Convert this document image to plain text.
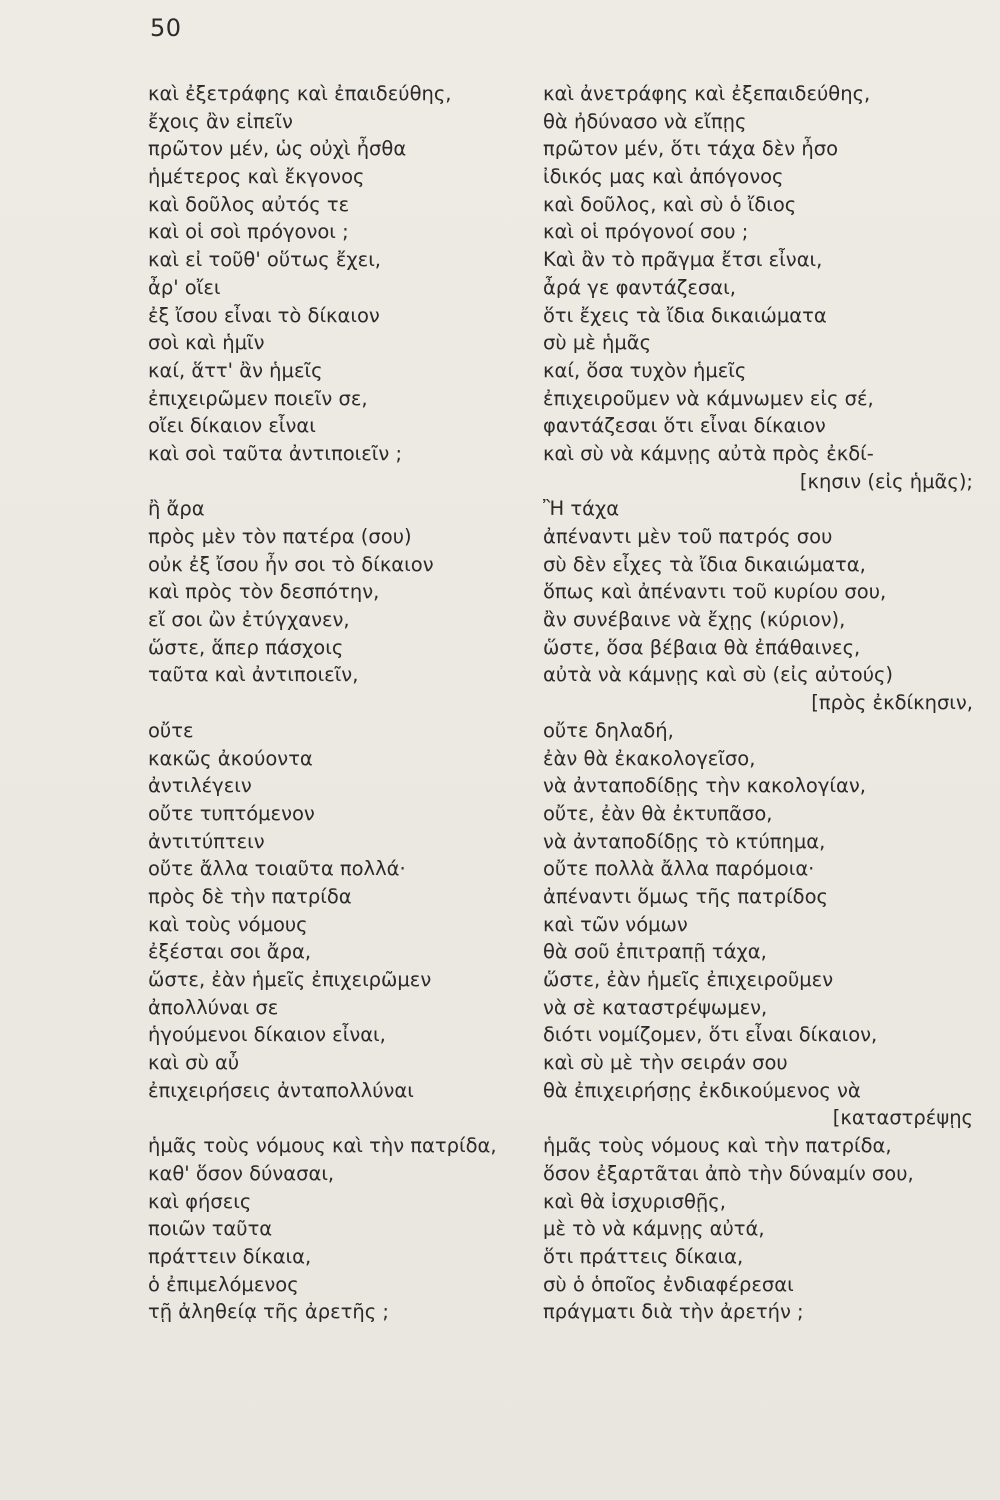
50
καὶ ἐξετράφης καὶ ἐπαιδεύθης,
ἔχοις ἂν εἰπεῖν
πρῶτον μέν, ὡς οὐχὶ ἦσθα
ἡμέτερος καὶ ἔκγονος
καὶ δοῦλος αὐτός τε
καὶ οἱ σοὶ πρόγονοι ;
καὶ εἰ τοῦθ' οὕτως ἔχει,
ἆρ' οἴει
ἐξ ἴσου εἶναι τὸ δίκαιον
σοὶ καὶ ἡμῖν
καί, ἅττ' ἂν ἡμεῖς
ἐπιχειρῶμεν ποιεῖν σε,
οἴει δίκαιον εἶναι
καὶ σοὶ ταῦτα ἀντιποιεῖν ;
ἢ ἄρα
πρὸς μὲν τὸν πατέρα (σου)
οὐκ ἐξ ἴσου ἦν σοι τὸ δίκαιον
καὶ πρὸς τὸν δεσπότην,
εἴ σοι ὢν ἐτύγχανεν,
ὥστε, ἅπερ πάσχοις
ταῦτα καὶ ἀντιποιεῖν,
οὔτε
κακῶς ἀκούοντα
ἀντιλέγειν
οὔτε τυπτόμενον
ἀντιτύπτειν
οὔτε ἄλλα τοιαῦτα πολλά·
πρὸς δὲ τὴν πατρίδα
καὶ τοὺς νόμους
ἐξέσται σοι ἄρα,
ὥστε, ἐὰν ἡμεῖς ἐπιχειρῶμεν
ἀπολλύναι σε
ἡγούμενοι δίκαιον εἶναι,
καὶ σὺ αὖ
ἐπιχειρήσεις ἀνταπολλύναι
ἡμᾶς τοὺς νόμους καὶ τὴν πατρίδα,
καθ' ὅσον δύνασαι,
καὶ φήσεις
ποιῶν ταῦτα
πράττειν δίκαια,
ὁ ἐπιμελόμενος
τῇ ἀληθείᾳ τῆς ἀρετῆς ;
καὶ ἀνετράφης καὶ ἐξεπαιδεύθης,
θὰ ἠδύνασο νὰ εἴπῃς
πρῶτον μέν, ὅτι τάχα δὲν ἦσο
ἰδικός μας καὶ ἀπόγονος
καὶ δοῦλος, καὶ σὺ ὁ ἴδιος
καὶ οἱ πρόγονοί σου ;
Καὶ ἂν τὸ πρᾶγμα ἔτσι εἶναι,
ἆρά γε φαντάζεσαι,
ὅτι ἔχεις τὰ ἴδια δικαιώματα
σὺ μὲ ἡμᾶς
καί, ὅσα τυχὸν ἡμεῖς
ἐπιχειροῦμεν νὰ κάμνωμεν εἰς σέ,
φαντάζεσαι ὅτι εἶναι δίκαιον
καὶ σὺ νὰ κάμνῃς αὐτὰ πρὸς ἐκδί-
[κησιν (εἰς ἡμᾶς);
Ἢ τάχα
ἀπέναντι μὲν τοῦ πατρός σου
σὺ δὲν εἶχες τὰ ἴδια δικαιώματα,
ὅπως καὶ ἀπέναντι τοῦ κυρίου σου,
ἂν συνέβαινε νὰ ἔχῃς (κύριον),
ὥστε, ὅσα βέβαια θὰ ἐπάθαινες,
αὐτὰ νὰ κάμνῃς καὶ σὺ (εἰς αὐτούς)
[πρὸς ἐκδίκησιν,
οὔτε δηλαδή,
ἐὰν θὰ ἐκακολογεῖσο,
νὰ ἀνταποδίδῃς τὴν κακολογίαν,
οὔτε, ἐὰν θὰ ἐκτυπᾶσο,
νὰ ἀνταποδίδῃς τὸ κτύπημα,
οὔτε πολλὰ ἄλλα παρόμοια·
ἀπέναντι ὅμως τῆς πατρίδος
καὶ τῶν νόμων
θὰ σοῦ ἐπιτραπῇ τάχα,
ὥστε, ἐὰν ἡμεῖς ἐπιχειροῦμεν
νὰ σὲ καταστρέψωμεν,
διότι νομίζομεν, ὅτι εἶναι δίκαιον,
καὶ σὺ μὲ τὴν σειράν σου
θὰ ἐπιχειρήσῃς ἐκδικούμενος νὰ
[καταστρέψῃς
ἡμᾶς τοὺς νόμους καὶ τὴν πατρίδα,
ὅσον ἐξαρτᾶται ἀπὸ τὴν δύναμίν σου,
καὶ θὰ ἰσχυρισθῇς,
μὲ τὸ νὰ κάμνῃς αὐτά,
ὅτι πράττεις δίκαια,
σὺ ὁ ὁποῖος ἐνδιαφέρεσαι
πράγματι διὰ τὴν ἀρετήν ;
